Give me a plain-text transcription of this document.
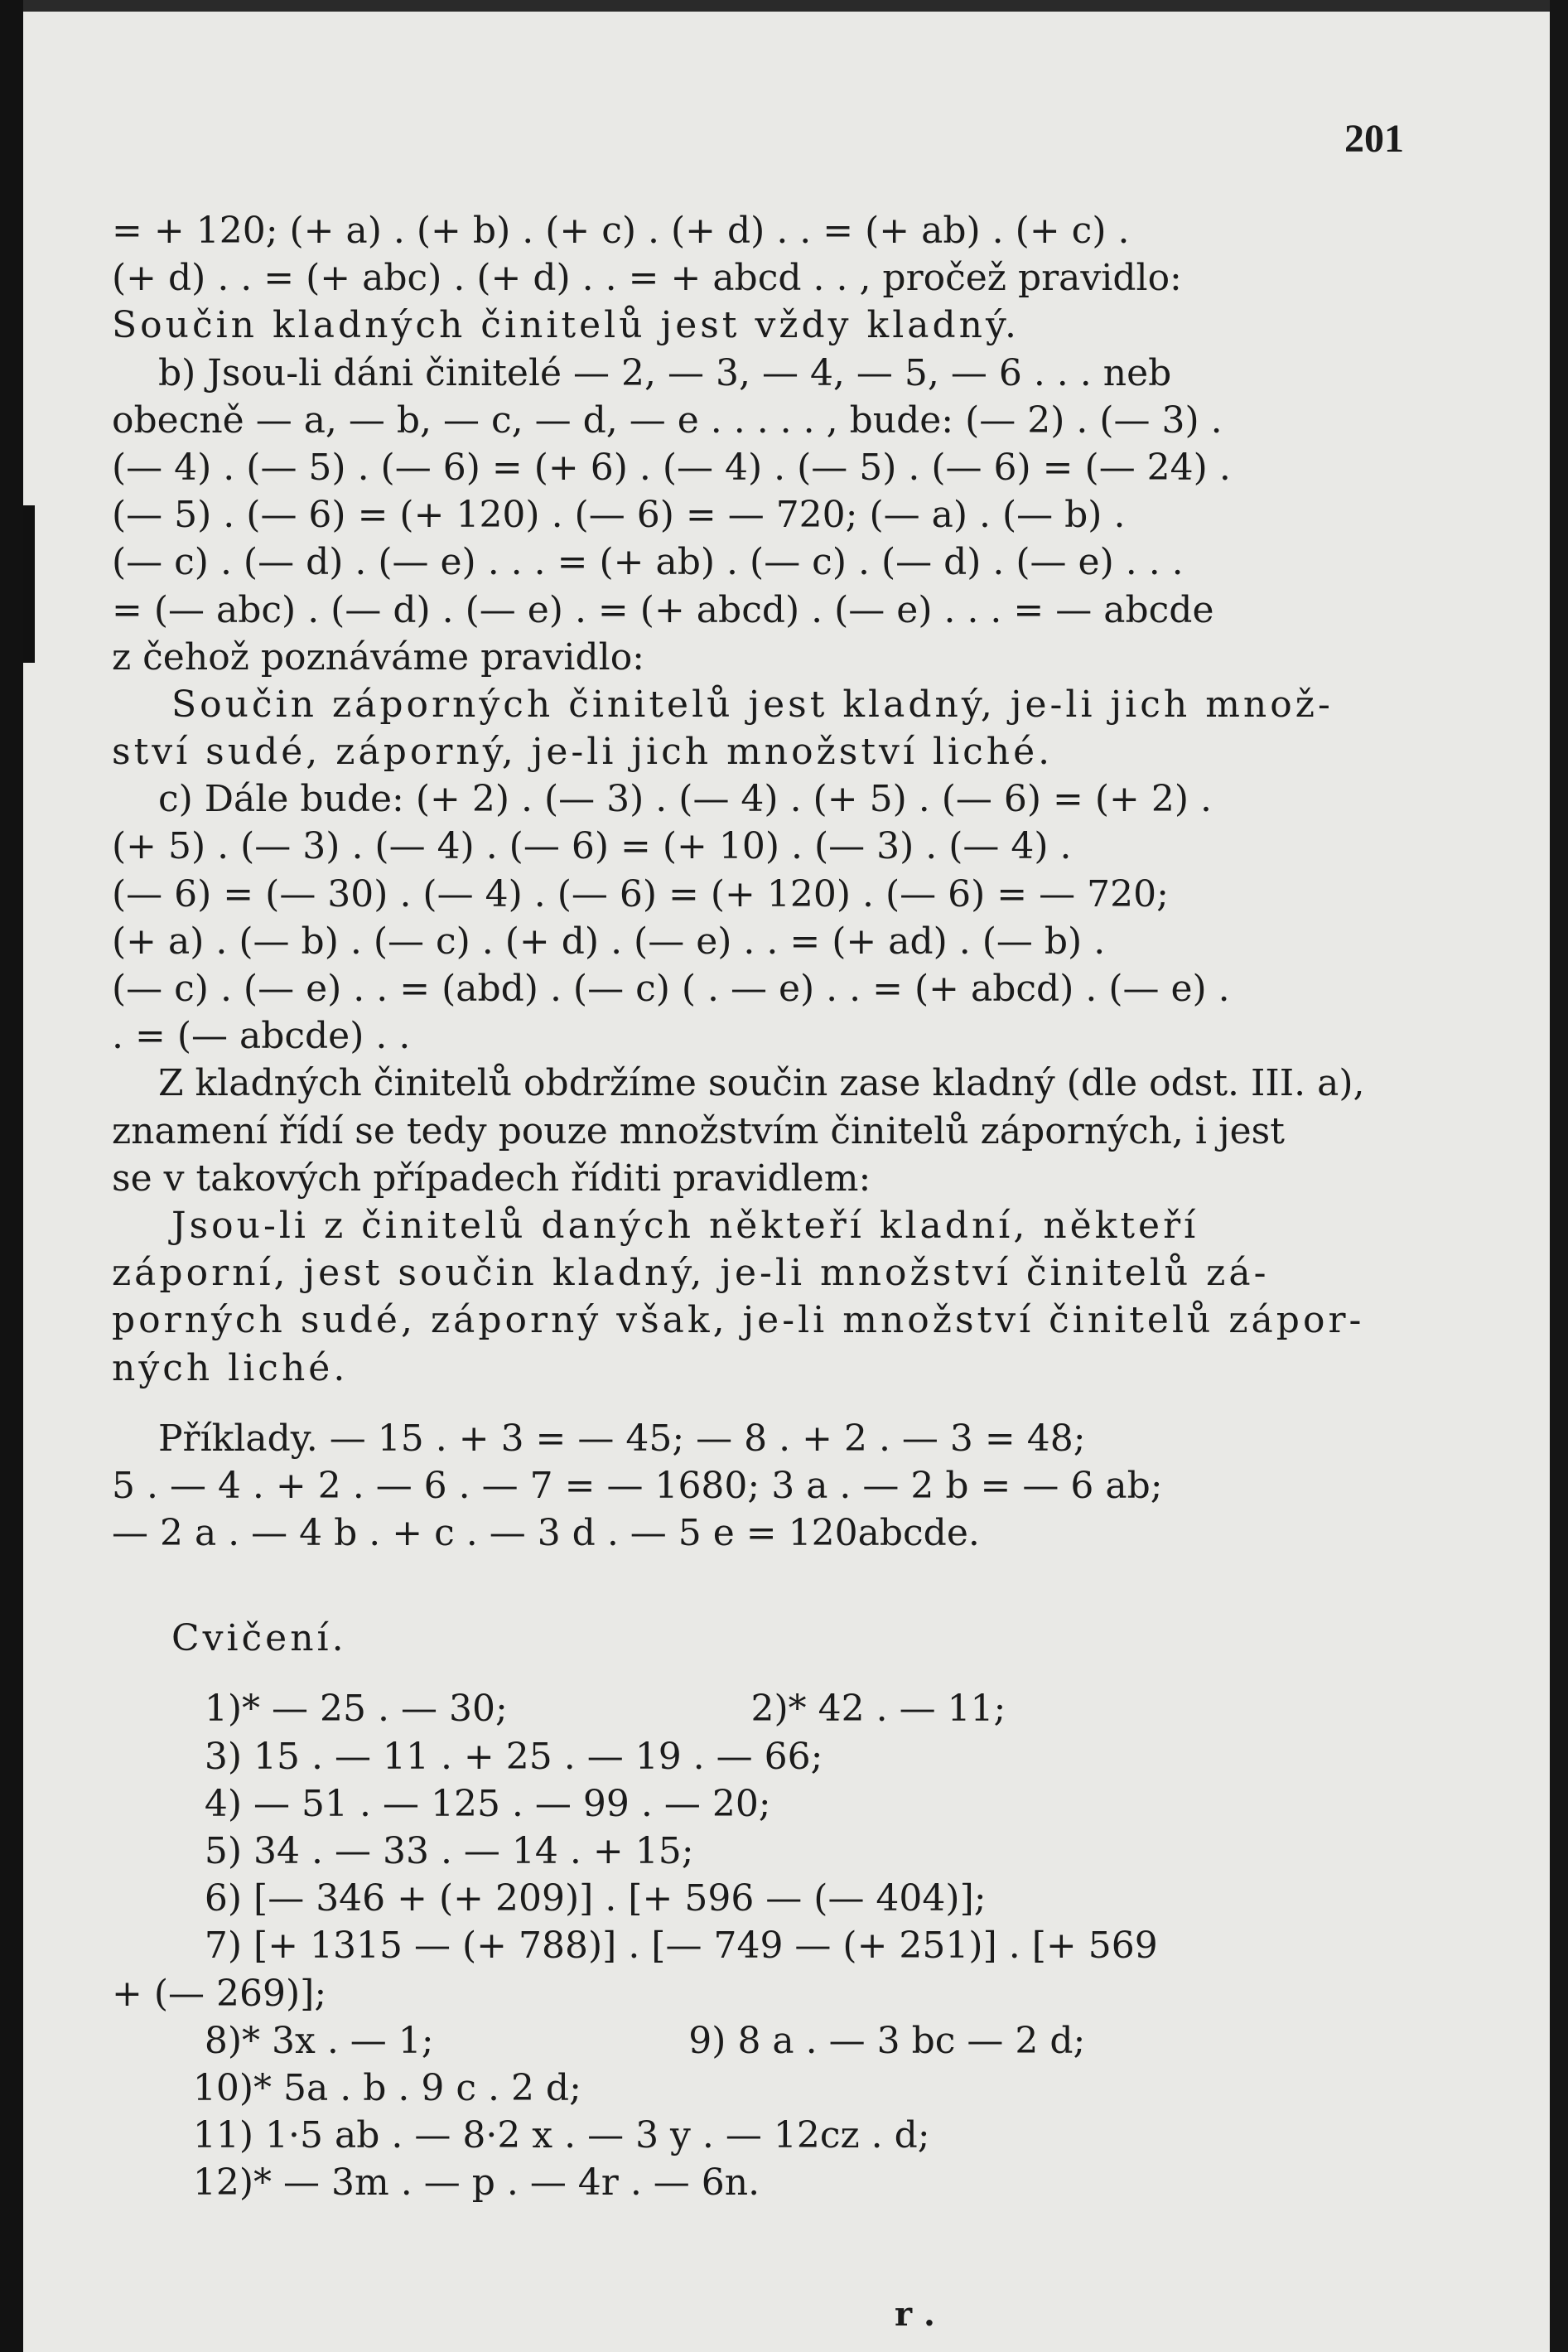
201
= + 120; (+ a) . (+ b) . (+ c) . (+ d) . . = (+ ab) . (+ c) .
(+ d) . . = (+ abc) . (+ d) . . = + abcd . . , pročež pravidlo:
Součin kladných činitelů jest vždy kladný.
b) Jsou-li dáni činitelé — 2, — 3, — 4, — 5, — 6 . . . neb
obecně — a, — b, — c, — d, — e . . . . . , bude: (— 2) . (— 3) .
(— 4) . (— 5) . (— 6) = (+ 6) . (— 4) . (— 5) . (— 6) = (— 24) .
(— 5) . (— 6) = (+ 120) . (— 6) = — 720; (— a) . (— b) .
(— c) . (— d) . (— e) . . . = (+ ab) . (— c) . (— d) . (— e) . . .
= (— abc) . (— d) . (— e) . = (+ abcd) . (— e) . . . = — abcde
z čehož poznáváme pravidlo:
Součin záporných činitelů jest kladný, je-li jich množ-
ství sudé, záporný, je-li jich množství liché.
c) Dále bude: (+ 2) . (— 3) . (— 4) . (+ 5) . (— 6) = (+ 2) .
(+ 5) . (— 3) . (— 4) . (— 6) = (+ 10) . (— 3) . (— 4) .
(— 6) = (— 30) . (— 4) . (— 6) = (+ 120) . (— 6) = — 720;
(+ a) . (— b) . (— c) . (+ d) . (— e) . . = (+ ad) . (— b) .
(— c) . (— e) . . = (abd) . (— c) ( . — e) . . = (+ abcd) . (— e) .
. = (— abcde) . .
Z kladných činitelů obdržíme součin zase kladný (dle odst. III. a),
znamení řídí se tedy pouze množstvím činitelů záporných, i jest
se v takových případech říditi pravidlem:
Jsou-li z činitelů daných někteří kladní, někteří
záporní, jest součin kladný, je-li množství činitelů zá-
porných sudé, záporný však, je-li množství činitelů zápor-
ných liché.
Příklady. — 15 . + 3 = — 45; — 8 . + 2 . — 3 = 48;
5 . — 4 . + 2 . — 6 . — 7 = — 1680; 3 a . — 2 b = — 6 ab;
— 2 a . — 4 b . + c . — 3 d . — 5 e = 120abcde.
Cvičení.
1)* — 25 . — 30;                     2)* 42 . — 11;
3) 15 . — 11 . + 25 . — 19 . — 66;
4) — 51 . — 125 . — 99 . — 20;
5) 34 . — 33 . — 14 . + 15;
6) [— 346 + (+ 209)] . [+ 596 — (— 404)];
7) [+ 1315 — (+ 788)] . [— 749 — (+ 251)] . [+ 569
+ (— 269)];
8)* 3x . — 1;                      9) 8 a . — 3 bc — 2 d;
10)* 5a . b . 9 c . 2 d;
11) 1·5 ab . — 8·2 x . — 3 y . — 12cz . d;
12)* — 3m . — p . — 4r . — 6n.
r .
